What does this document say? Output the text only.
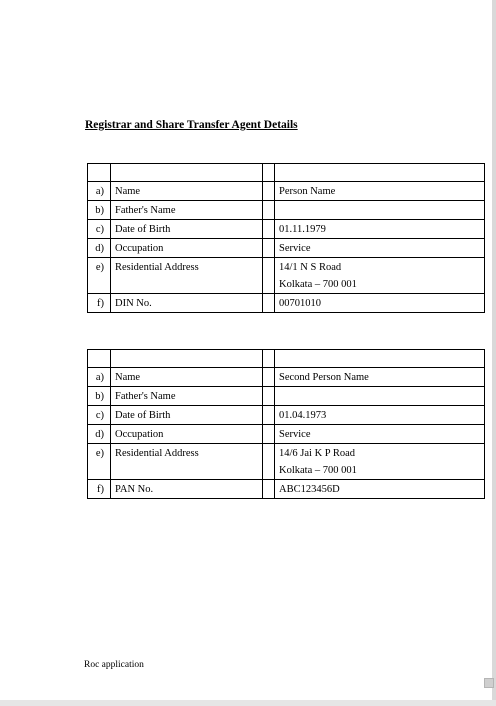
Registrar and Share Transfer Agent Details

a)	Name		Person Name
b)	Father's Name		
c)	Date of Birth		01.11.1979
d)	Occupation		Service
e)	Residential Address		14/1 N S Road
Kolkata – 700 001

f)	DIN No.		00701010

a)	Name		Second Person Name
b)	Father's Name		
c)	Date of Birth		01.04.1973
d)	Occupation		Service
e)	Residential Address		14/6 Jai K P Road
Kolkata – 700 001

f)	PAN No.		ABC123456D
Roc application
